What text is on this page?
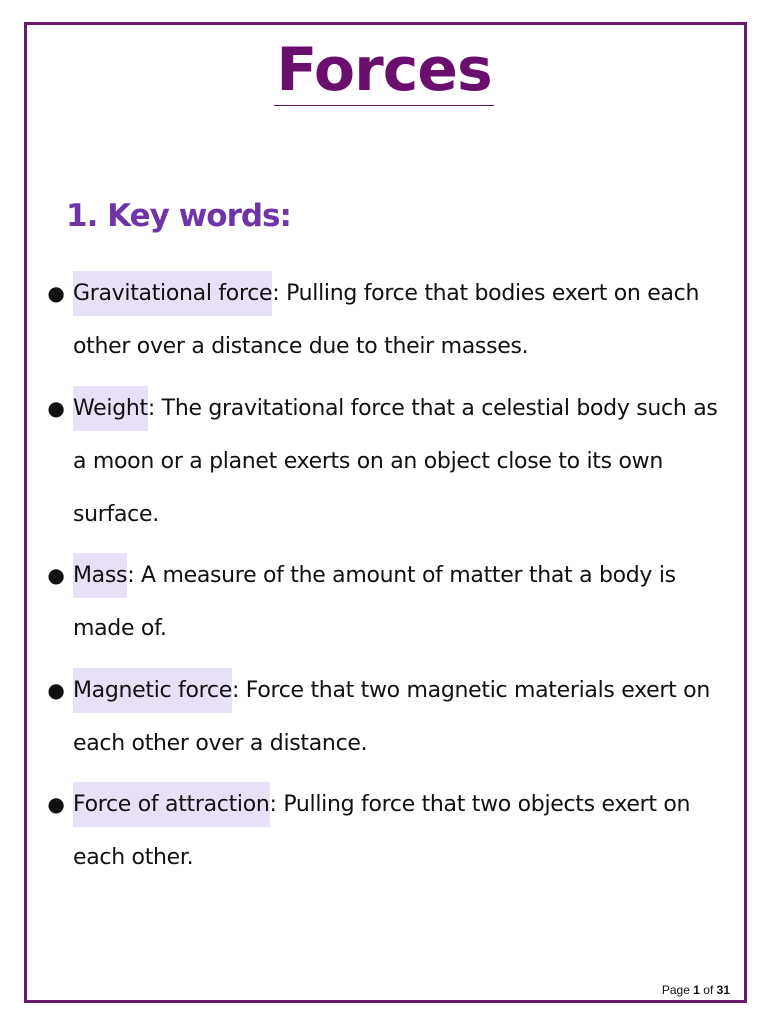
Forces
1. Key words:
● Gravitational force: Pulling force that bodies exert on each other over a distance due to their masses.
● Weight: The gravitational force that a celestial body such as a moon or a planet exerts on an object close to its own surface.
● Mass: A measure of the amount of matter that a body is made of.
● Magnetic force: Force that two magnetic materials exert on each other over a distance.
● Force of attraction: Pulling force that two objects exert on each other.
Page 1 of 31
